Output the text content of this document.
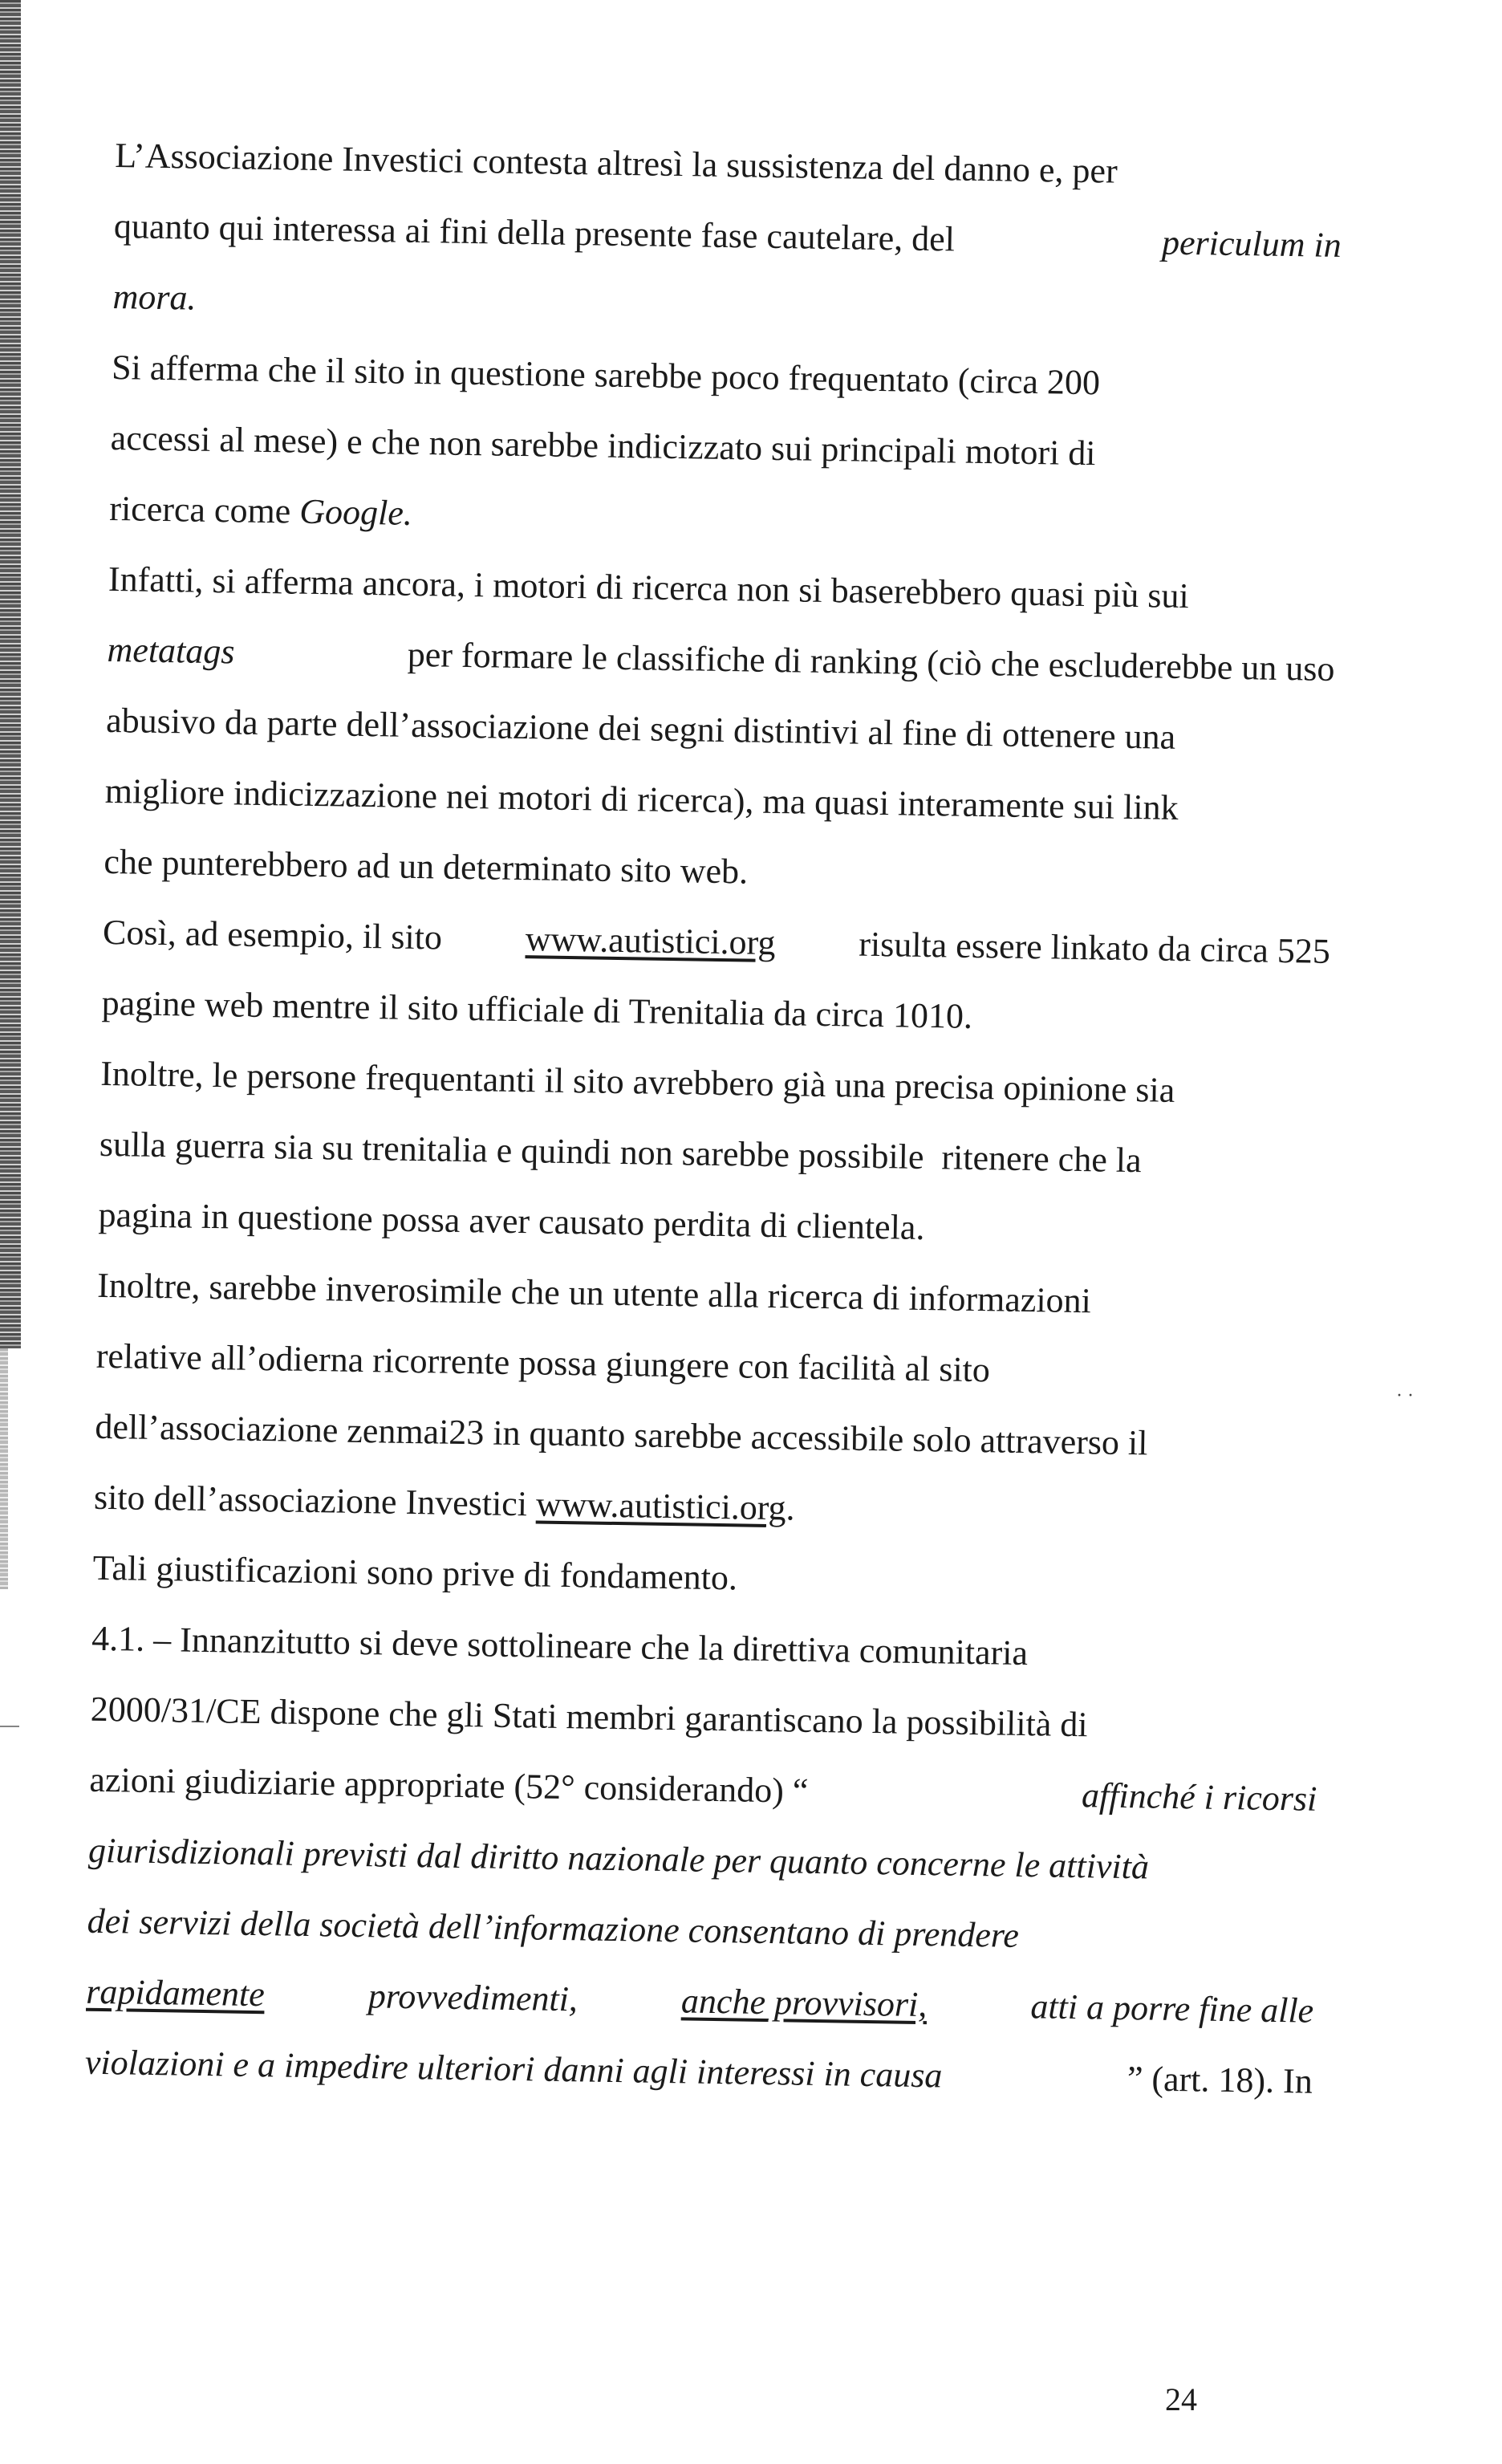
L’Associazione Investici contesta altresì la sussistenza del danno e, per
quanto qui interessa ai fini della presente fase cautelare, del	periculum in
mora.
Si afferma che il sito in questione sarebbe poco frequentato (circa 200
accessi al mese) e che non sarebbe indicizzato sui principali motori di
ricerca come Google.
Infatti, si afferma ancora, i motori di ricerca non si baserebbero quasi più sui
metatags	per formare le classifiche di ranking (ciò che escluderebbe un uso
abusivo da parte dell’associazione dei segni distintivi al fine di ottenere una
migliore indicizzazione nei motori di ricerca), ma quasi interamente sui link
che punterebbero ad un determinato sito web.
Così, ad esempio, il sito www.autistici.org risulta essere linkato da circa 525
pagine web mentre il sito ufficiale di Trenitalia da circa 1010.
Inoltre, le persone frequentanti il sito avrebbero già una precisa opinione sia
sulla guerra sia su trenitalia e quindi non sarebbe possibile  ritenere che la
pagina in questione possa aver causato perdita di clientela.
Inoltre, sarebbe inverosimile che un utente alla ricerca di informazioni
relative all’odierna ricorrente possa giungere con facilità al sito
dell’associazione zenmai23 in quanto sarebbe accessibile solo attraverso il
sito dell’associazione Investici www.autistici.org.
Tali giustificazioni sono prive di fondamento.
4.1. – Innanzitutto si deve sottolineare che la direttiva comunitaria
2000/31/CE dispone che gli Stati membri garantiscano la possibilità di
azioni giudiziarie appropriate (52° considerando) “	affinché i ricorsi
giurisdizionali previsti dal diritto nazionale per quanto concerne le attività
dei servizi della società dell’informazione consentano di prendere
rapidamente	provvedimenti,	anche provvisori,	atti a porre fine alle
violazioni e a impedire ulteriori danni agli interessi in causa	” (art. 18). In
· ·
24
